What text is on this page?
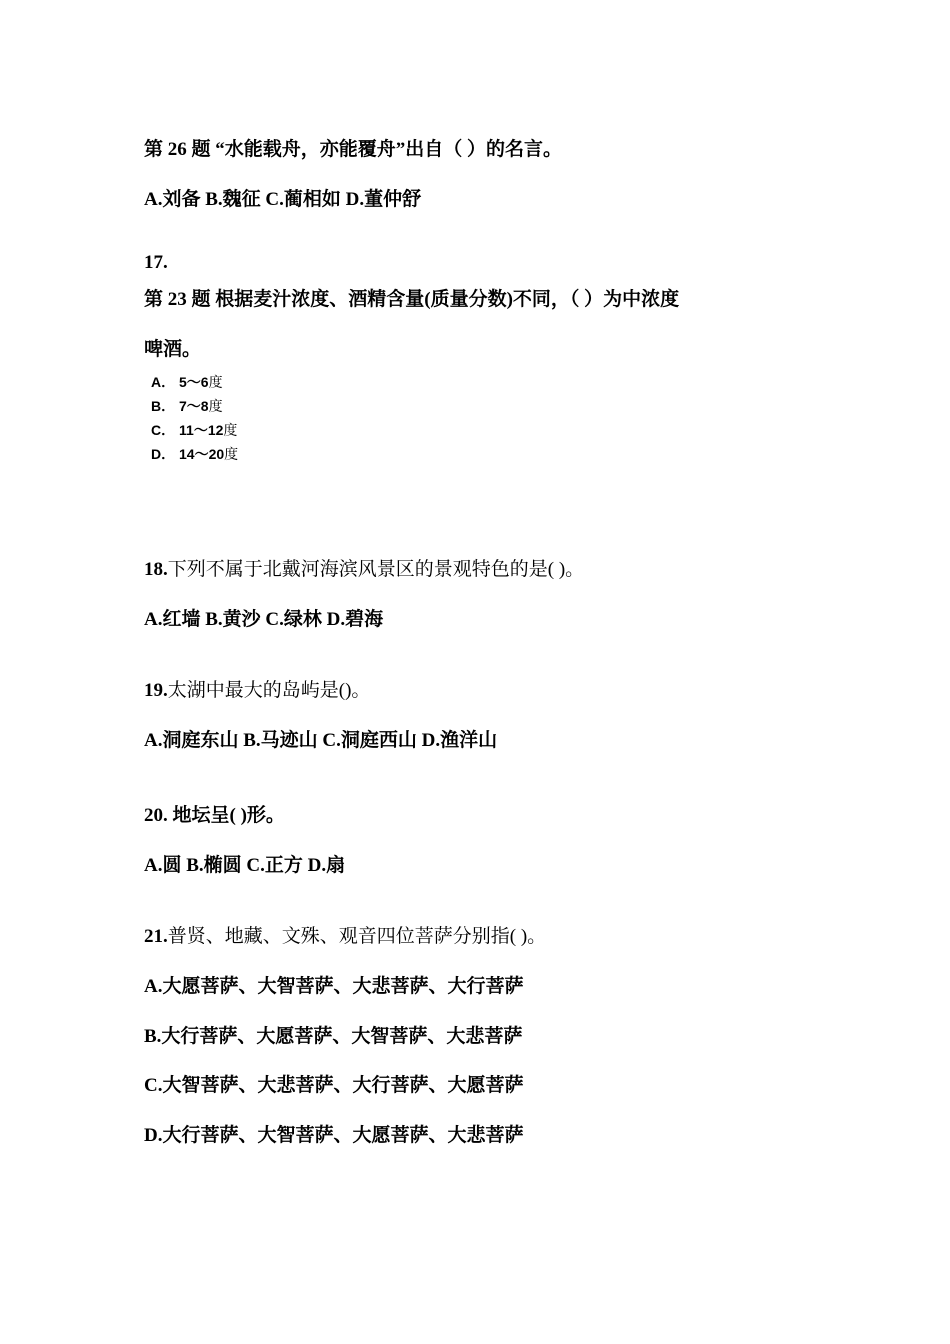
第 26 题 “水能载舟，亦能覆舟”出自（ ）的名言。
A.刘备 B.魏征 C.蔺相如 D.董仲舒
17.
第 23 题 根据麦汁浓度、酒精含量(质量分数)不同，（ ）为中浓度
啤酒。
A． 5～6度
B． 7～8度
C． 11～12度
D． 14～20度
18.下列不属于北戴河海滨风景区的景观特色的是( )。
A.红墙 B.黄沙 C.绿林 D.碧海
19.太湖中最大的岛屿是()。
A.洞庭东山 B.马迹山 C.洞庭西山 D.渔洋山
20. 地坛呈( )形。
A.圆 B.椭圆 C.正方 D.扇
21.普贤、地藏、文殊、观音四位菩萨分别指( )。
A.大愿菩萨、大智菩萨、大悲菩萨、大行菩萨
B.大行菩萨、大愿菩萨、大智菩萨、大悲菩萨
C.大智菩萨、大悲菩萨、大行菩萨、大愿菩萨
D.大行菩萨、大智菩萨、大愿菩萨、大悲菩萨
